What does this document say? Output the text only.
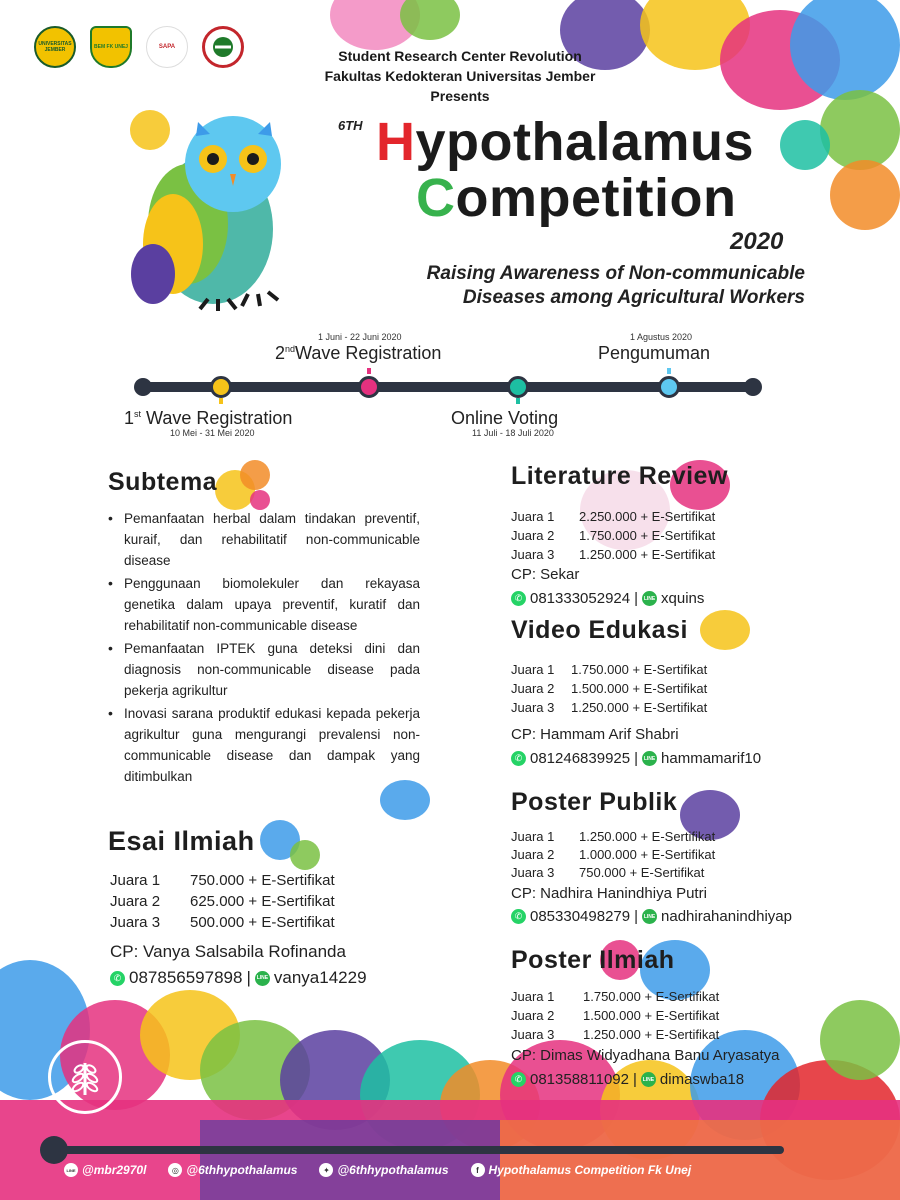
UNIVERSITAS JEMBER	BEM FK UNEJ	SAPA
Student Research Center Revolution
Fakultas Kedokteran Universitas Jember
Presents
6TH Hypothalamus
Competition
2020
Raising Awareness of Non-communicable
Diseases among Agricultural Workers
1st Wave Registration
10 Mei - 31 Mei 2020
1 Juni - 22 Juni 2020
2ndWave Registration
Online Voting
11 Juli - 18 Juli 2020
1 Agustus 2020
Pengumuman
Subtema
• Pemanfaatan herbal dalam tindakan preventif, kuraif, dan rehabilitatif non-communicable disease
• Penggunaan biomolekuler dan rekayasa genetika dalam upaya preventif, kuratif dan rehabilitatif non-communicable disease
• Pemanfaatan IPTEK guna deteksi dini dan diagnosis non-communicable disease pada pekerja agrikultur
• Inovasi sarana produktif edukasi kepada pekerja agrikultur guna mengurangi prevalensi non-communicable disease dan dampak yang ditimbulkan
Esai Ilmiah
Juara 1	750.000 + E-Sertifikat
Juara 2	625.000 + E-Sertifikat
Juara 3	500.000 + E-Sertifikat
CP: Vanya Salsabila Rofinanda
✆ 087856597898 |	LINE vanya14229
Literature Review
Juara 1	2.250.000 + E-Sertifikat
Juara 2	1.750.000 + E-Sertifikat
Juara 3	1.250.000 + E-Sertifikat
CP: Sekar
✆ 081333052924 |	LINE xquins
Video Edukasi
Juara 1	1.750.000 + E-Sertifikat
Juara 2	1.500.000 + E-Sertifikat
Juara 3	1.250.000 + E-Sertifikat
CP: Hammam Arif Shabri
✆ 081246839925 |	LINE hammamarif10
Poster Publik
Juara 1	1.250.000 + E-Sertifikat
Juara 2	1.000.000 + E-Sertifikat
Juara 3	750.000 + E-Sertifikat
CP: Nadhira Hanindhiya Putri
✆ 085330498279 |	LINE nadhirahanindhiyap
Poster Ilmiah
Juara 1	1.750.000 + E-Sertifikat
Juara 2	1.500.000 + E-Sertifikat
Juara 3	1.250.000 + E-Sertifikat
CP: Dimas Widyadhana Banu Aryasatya
✆ 081358811092 |	LINE dimaswba18
LINE @mbr2970l	◎ @6thhypothalamus	✦ @6thhypothalamus	f Hypothalamus Competition Fk Unej
